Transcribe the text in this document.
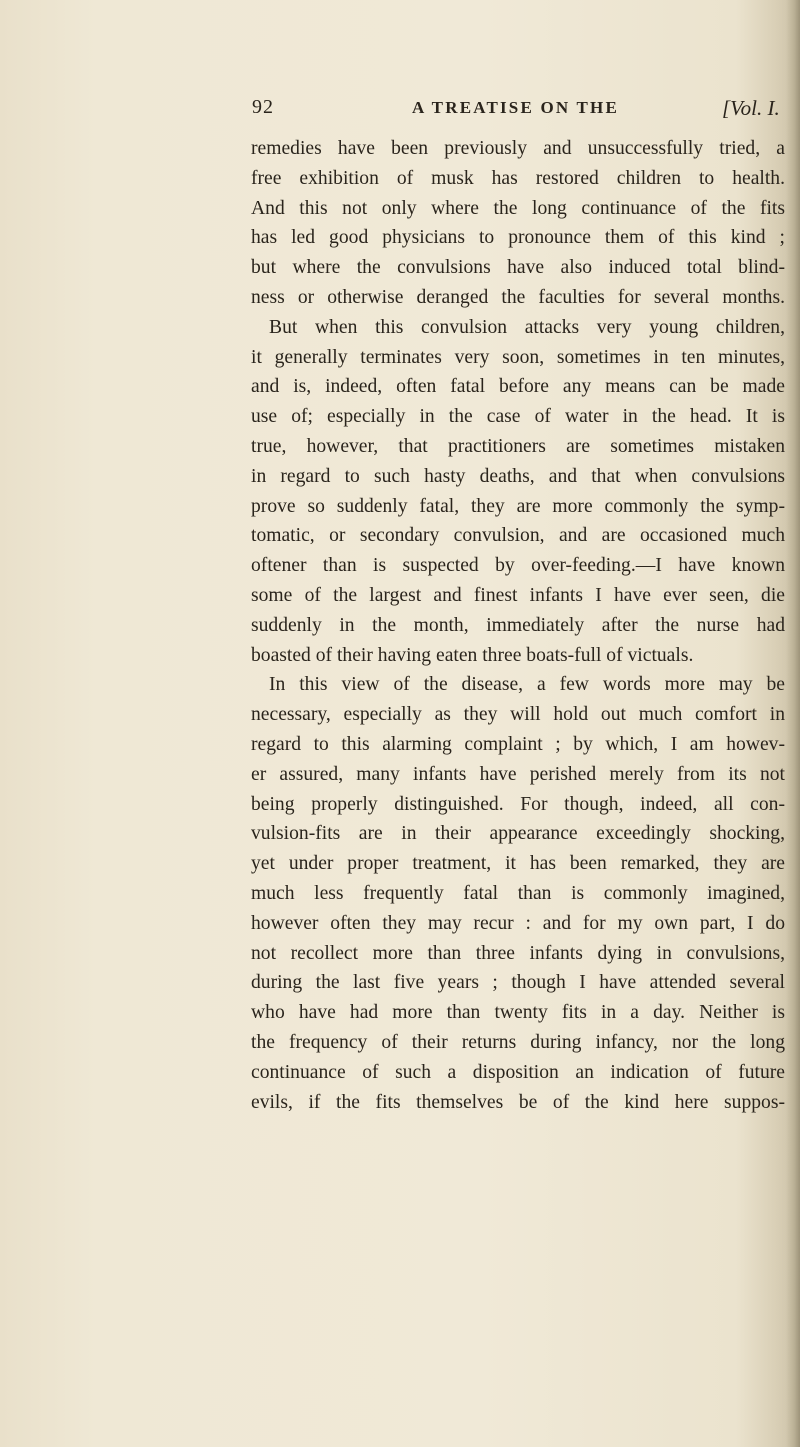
92	A TREATISE ON THE	[Vol. I.
remedies have been previously and unsuccessfully tried, a
free exhibition of musk has restored children to health.
And this not only where the long continuance of the fits
has led good physicians to pronounce them of this kind ;
but where the convulsions have also induced total blind-
ness or otherwise deranged the faculties for several months.
But when this convulsion attacks very young children,
it generally terminates very soon, sometimes in ten minutes,
and is, indeed, often fatal before any means can be made
use of; especially in the case of water in the head. It is
true, however, that practitioners are sometimes mistaken
in regard to such hasty deaths, and that when convulsions
prove so suddenly fatal, they are more commonly the symp-
tomatic, or secondary convulsion, and are occasioned much
oftener than is suspected by over-feeding.—I have known
some of the largest and finest infants I have ever seen, die
suddenly in the month, immediately after the nurse had
boasted of their having eaten three boats-full of victuals.
In this view of the disease, a few words more may be
necessary, especially as they will hold out much comfort in
regard to this alarming complaint ; by which, I am howev-
er assured, many infants have perished merely from its not
being properly distinguished. For though, indeed, all con-
vulsion-fits are in their appearance exceedingly shocking,
yet under proper treatment, it has been remarked, they are
much less frequently fatal than is commonly imagined,
however often they may recur : and for my own part, I do
not recollect more than three infants dying in convulsions,
during the last five years ; though I have attended several
who have had more than twenty fits in a day. Neither is
the frequency of their returns during infancy, nor the long
continuance of such a disposition an indication of future
evils, if the fits themselves be of the kind here suppos-
